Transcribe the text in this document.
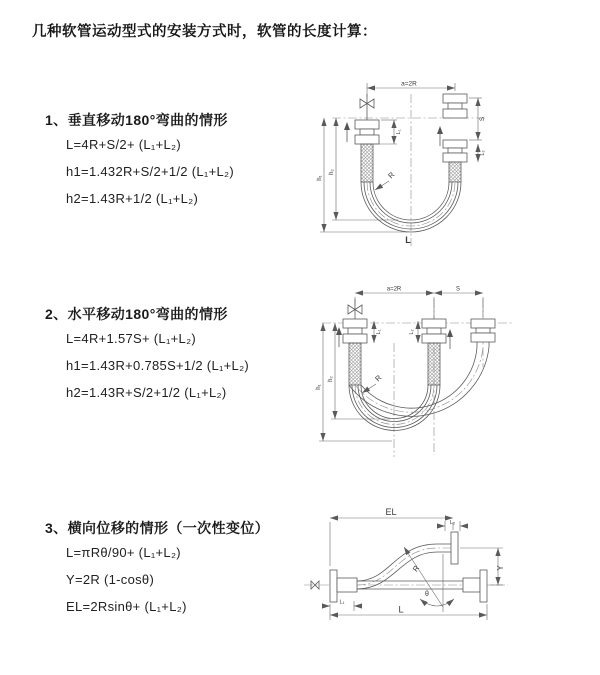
几种软管运动型式的安装方式时，软管的长度计算：
1、垂直移动180°弯曲的情形
L=4R+S/2+ (L₁+L₂)
h1=1.432R+S/2+1/2 (L₁+L₂)
h2=1.43R+1/2 (L₁+L₂)
a=2R
h₁
h₂
S
L₂
L₁
R
L
2、水平移动180°弯曲的情形
L=4R+1.57S+ (L₁+L₂)
h1=1.43R+0.785S+1/2 (L₁+L₂)
h2=1.43R+S/2+1/2 (L₁+L₂)
a=2R	S
h₁
h₂
L₁	L₂
R
3、横向位移的情形（一次性变位）
L=πRθ/90+ (L₁+L₂)
Y=2R (1-cosθ)
EL=2Rsinθ+ (L₁+L₂)
EL
L₂
R
θ
Y
L
L₁
